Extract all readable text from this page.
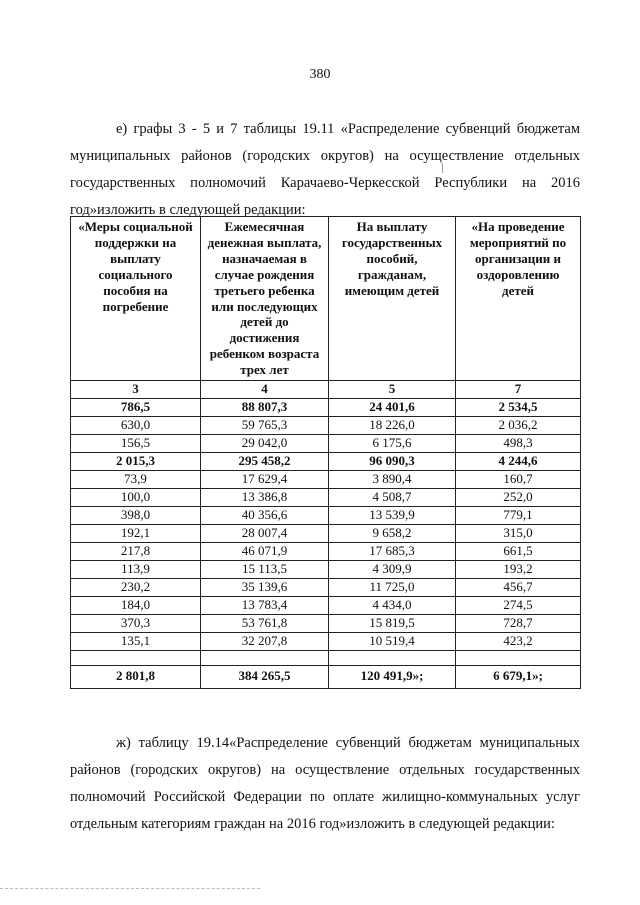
380
е) графы 3 - 5 и 7 таблицы 19.11 «Распределение субвенций бюджетам
муниципальных районов (городских округов) на осуществление отдельных
государственных полномочий Карачаево-Черкесской Республики на 2016
год»изложить в следующей редакции:
«Меры социальной поддержки на выплату социального пособия на погребение	Ежемесячная денежная выплата, назначаемая в случае рождения третьего ребенка или последующих детей до достижения ребенком возраста трех лет	На выплату государственных пособий, гражданам, имеющим детей	«На проведение мероприятий по организации и оздоровлению детей
3	4	5	7
786,5	88 807,3	24 401,6	2 534,5
630,0	59 765,3	18 226,0	2 036,2
156,5	29 042,0	6 175,6	498,3
2 015,3	295 458,2	96 090,3	4 244,6
73,9	17 629,4	3 890,4	160,7
100,0	13 386,8	4 508,7	252,0
398,0	40 356,6	13 539,9	779,1
192,1	28 007,4	9 658,2	315,0
217,8	46 071,9	17 685,3	661,5
113,9	15 113,5	4 309,9	193,2
230,2	35 139,6	11 725,0	456,7
184,0	13 783,4	4 434,0	274,5
370,3	53 761,8	15 819,5	728,7
135,1	32 207,8	10 519,4	423,2

2 801,8	384 265,5	120 491,9»;	6 679,1»;
ж) таблицу 19.14«Распределение субвенций бюджетам муниципальных
районов (городских округов) на осуществление отдельных государственных
полномочий Российской Федерации по оплате жилищно-коммунальных услуг
отдельным категориям граждан на 2016 год»изложить в следующей редакции:
